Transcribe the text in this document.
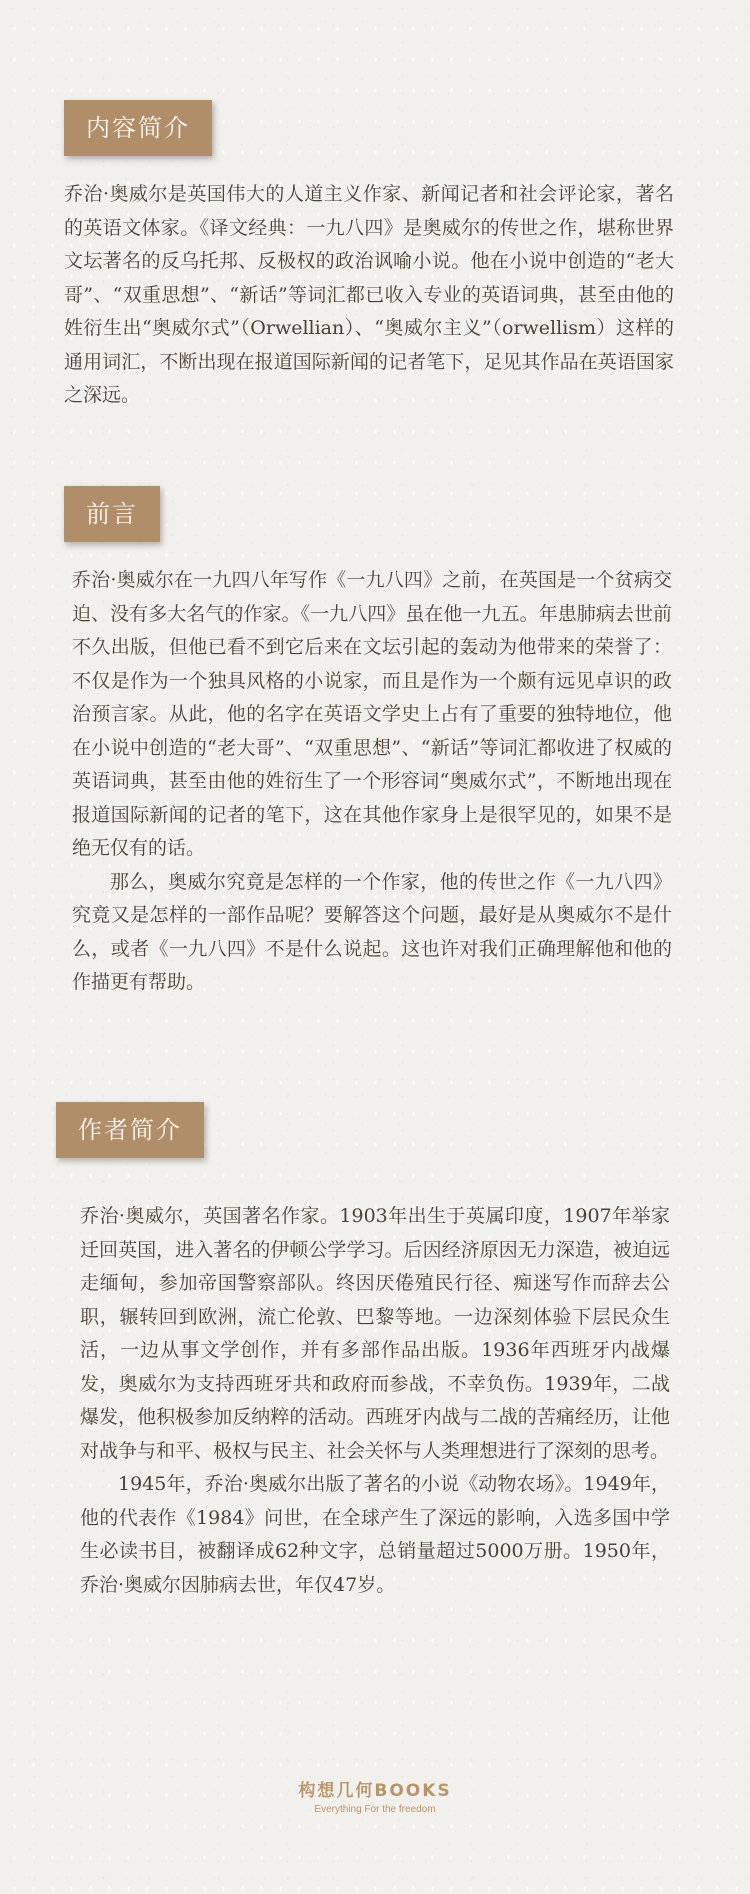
内容简介

乔治·奥威尔是英国伟大的人道主义作家、新闻记者和社会评论家，著名的英语文体家。《译文经典：一九八四》是奥威尔的传世之作，堪称世界文坛著名的反乌托邦、反极权的政治讽喻小说。他在小说中创造的“老大哥”、“双重思想”、“新话”等词汇都已收入专业的英语词典，甚至由他的姓衍生出“奥威尔式”（Orwellian）、“奥威尔主义”（orwellism）这样的通用词汇，不断出现在报道国际新闻的记者笔下，足见其作品在英语国家之深远。

前言

乔治·奥威尔在一九四八年写作《一九八四》之前，在英国是一个贫病交迫、没有多大名气的作家。《一九八四》虽在他一九五。年患肺病去世前不久出版，但他已看不到它后来在文坛引起的轰动为他带来的荣誉了：不仅是作为一个独具风格的小说家，而且是作为一个颇有远见卓识的政治预言家。从此，他的名字在英语文学史上占有了重要的独特地位，他在小说中创造的“老大哥”、“双重思想”、“新话”等词汇都收进了权威的英语词典，甚至由他的姓衍生了一个形容词“奥威尔式”，不断地出现在报道国际新闻的记者的笔下，这在其他作家身上是很罕见的，如果不是绝无仅有的话。

那么，奥威尔究竟是怎样的一个作家，他的传世之作《一九八四》究竟又是怎样的一部作品呢？要解答这个问题，最好是从奥威尔不是什么，或者《一九八四》不是什么说起。这也许对我们正确理解他和他的作描更有帮助。

作者简介

乔治·奥威尔，英国著名作家。1903年出生于英属印度，1907年举家迁回英国，进入著名的伊顿公学学习。后因经济原因无力深造，被迫远走缅甸，参加帝国警察部队。终因厌倦殖民行径、痴迷写作而辞去公职，辗转回到欧洲，流亡伦敦、巴黎等地。一边深刻体验下层民众生活，一边从事文学创作，并有多部作品出版。1936年西班牙内战爆发，奥威尔为支持西班牙共和政府而参战，不幸负伤。1939年，二战爆发，他积极参加反纳粹的活动。西班牙内战与二战的苦痛经历，让他对战争与和平、极权与民主、社会关怀与人类理想进行了深刻的思考。

1945年，乔治·奥威尔出版了著名的小说《动物农场》。1949年，他的代表作《1984》问世，在全球产生了深远的影响，入选多国中学生必读书目，被翻译成62种文字，总销量超过5000万册。1950年，乔治·奥威尔因肺病去世，年仅47岁。

构想几何BOOKS
Everything For the freedom
